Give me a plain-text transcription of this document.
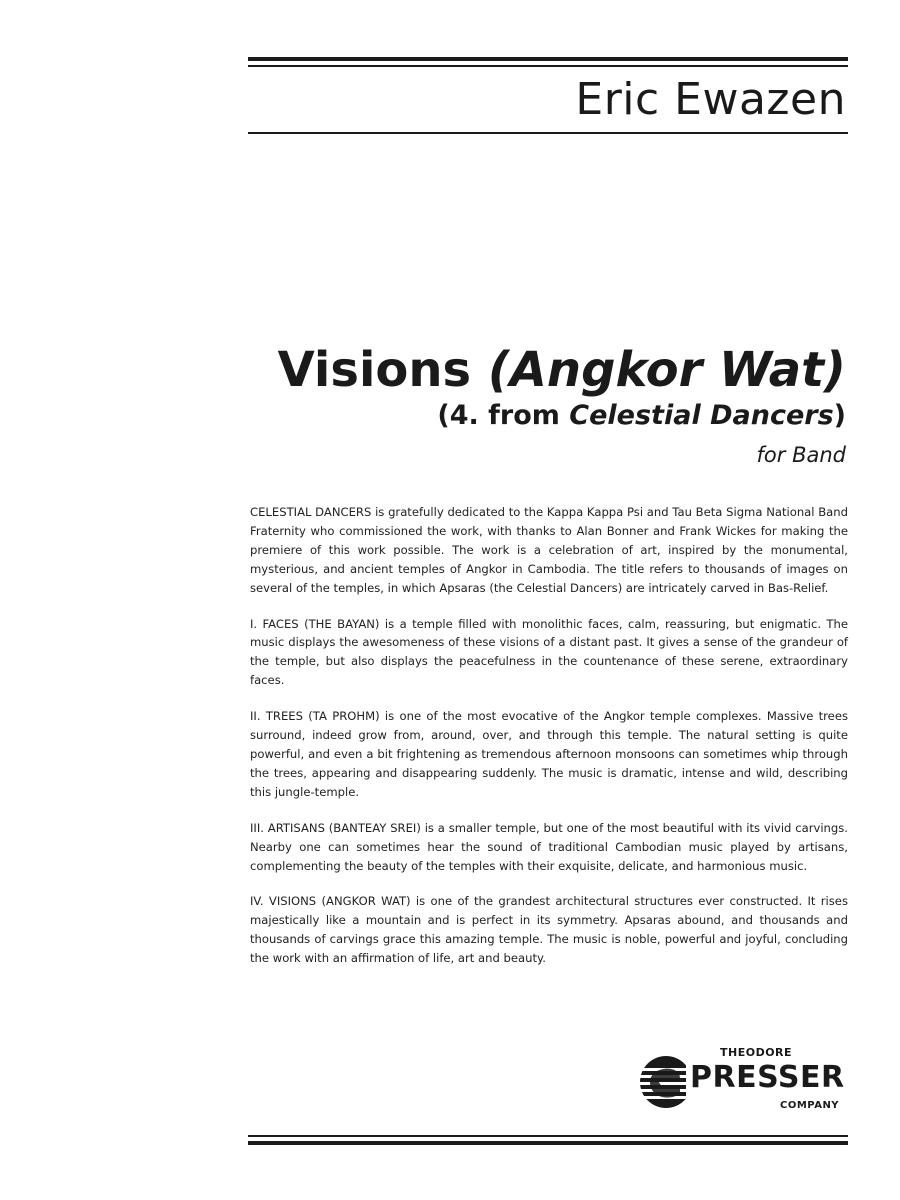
Eric Ewazen
Visions (Angkor Wat)
(4. from Celestial Dancers)
for Band

CELESTIAL DANCERS is gratefully dedicated to the Kappa Kappa Psi and Tau Beta Sigma National Band Fraternity who commissioned the work, with thanks to Alan Bonner and Frank Wickes for making the premiere of this work possible. The work is a celebration of art, inspired by the monumental, mysterious, and ancient temples of Angkor in Cambodia. The title refers to thousands of images on several of the temples, in which Apsaras (the Celestial Dancers) are intricately carved in Bas-Relief.

I. FACES (THE BAYAN) is a temple filled with monolithic faces, calm, reassuring, but enigmatic. The music displays the awesomeness of these visions of a distant past. It gives a sense of the grandeur of the temple, but also displays the peacefulness in the countenance of these serene, extraordinary faces.

II. TREES (TA PROHM) is one of the most evocative of the Angkor temple complexes. Massive trees surround, indeed grow from, around, over, and through this temple. The natural setting is quite powerful, and even a bit frightening as tremendous afternoon monsoons can sometimes whip through the trees, appearing and disappearing suddenly. The music is dramatic, intense and wild, describing this jungle-temple.

III. ARTISANS (BANTEAY SREI) is a smaller temple, but one of the most beautiful with its vivid carvings. Nearby one can sometimes hear the sound of traditional Cambodian music played by artisans, complementing the beauty of the temples with their exquisite, delicate, and harmonious music.

IV. VISIONS (ANGKOR WAT) is one of the grandest architectural structures ever constructed. It rises majestically like a mountain and is perfect in its symmetry. Apsaras abound, and thousands and thousands of carvings grace this amazing temple. The music is noble, powerful and joyful, concluding the work with an affirmation of life, art and beauty.

THEODORE
PRESSER
COMPANY
